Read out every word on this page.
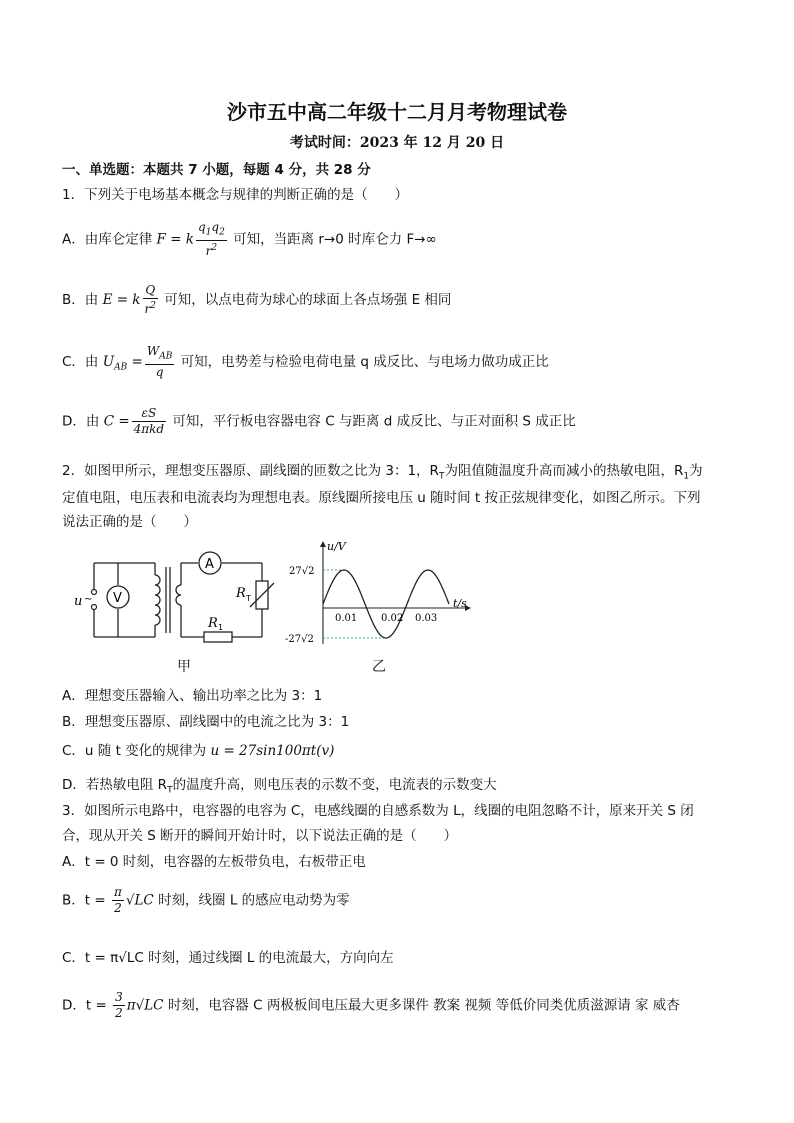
沙市五中高二年级十二月月考物理试卷
考试时间：2023 年 12 月 20 日
一、单选题：本题共 7 小题，每题 4 分，共 28 分
1．下列关于电场基本概念与规律的判断正确的是（　　）
A．由库仑定律 F = k $\frac{q_1q_2}{r^2}$ 可知，当距离 r→0 时库仑力 F→∞
B．由 E = k $\frac{Q}{r^2}$ 可知，以点电荷为球心的球面上各点场强 E 相同
C．由 $U_{AB} = \frac{W_{AB}}{q}$ 可知，电势差与检验电荷电量 q 成反比、与电场力做功成正比
D．由 $C = \frac{\varepsilon S}{\text{4πkd}}$ 可知，平行板电容器电容 C 与距离 d 成反比、与正对面积 S 成正比
2．如图甲所示，理想变压器原、副线圈的匝数之比为 3：1，$R_T$为阻值随温度升高而减小的热敏电阻，$R_1$为
定值电阻，电压表和电流表均为理想电表。原线圈所接电压 u 随时间 t 按正弦规律变化，如图乙所示。下列
说法正确的是（　　）
u ~ V
A
R T
R 1
甲
u/V
t/s
27√2
-27√2
0.01 0.02 0.03
乙
A．理想变压器输入、输出功率之比为 3：1
B．理想变压器原、副线圈中的电流之比为 3：1
C．u 随 t 变化的规律为 u = 27sin100πt(v)
D．若热敏电阻 $R_T$的温度升高，则电压表的示数不变，电流表的示数变大
3．如图所示电路中，电容器的电容为 C，电感线圈的自感系数为 L，线圈的电阻忽略不计，原来开关 S 闭
合，现从开关 S 断开的瞬间开始计时，以下说法正确的是（　　）
A．t = 0 时刻，电容器的左板带负电，右板带正电
B．$t = \frac{\pi}{2} √LC$ 时刻，线圈 L 的感应电动势为零
C．t = π√LC 时刻，通过线圈 L 的电流最大，方向向左
D．$t = \frac{3}{2} \pi√LC$ 时刻，电容器 C 两极板间电压最大更多课件 教案 视频 等低价同类优质滋源请 家 威杏
